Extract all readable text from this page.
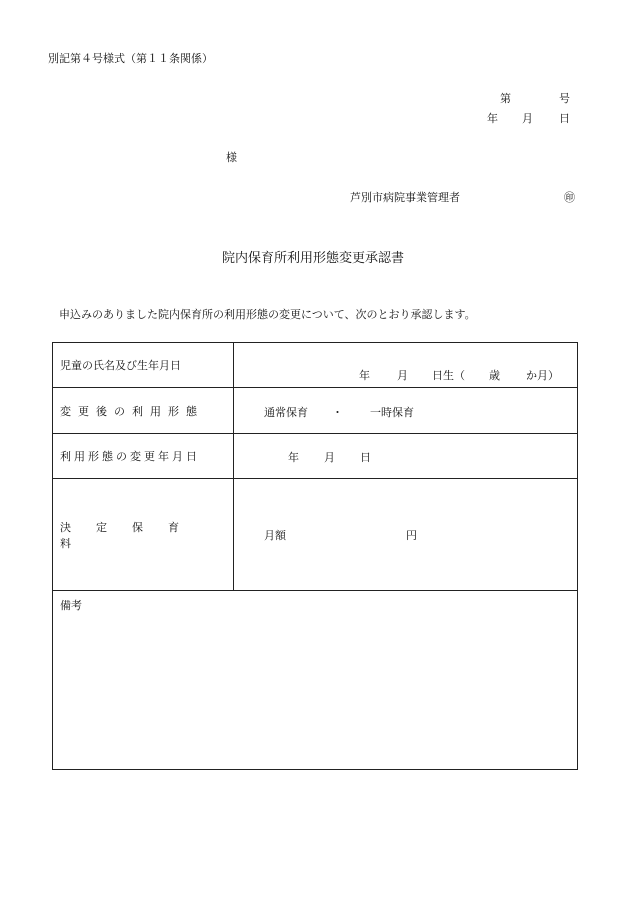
別記第４号様式（第１１条関係）
第	号
年 月 日
様
芦別市病院事業管理者	㊞
院内保育所利用形態変更承認書
申込みのありました院内保育所の利用形態の変更について、次のとおり承認します。
児童の氏名及び生年月日	年 月 日生（ 歳 か月）

変更後の利用形態	通常保育 ・ 一時保育

利用形態の変更年月日	年 月 日

決定保育料	月額 円

備考	
